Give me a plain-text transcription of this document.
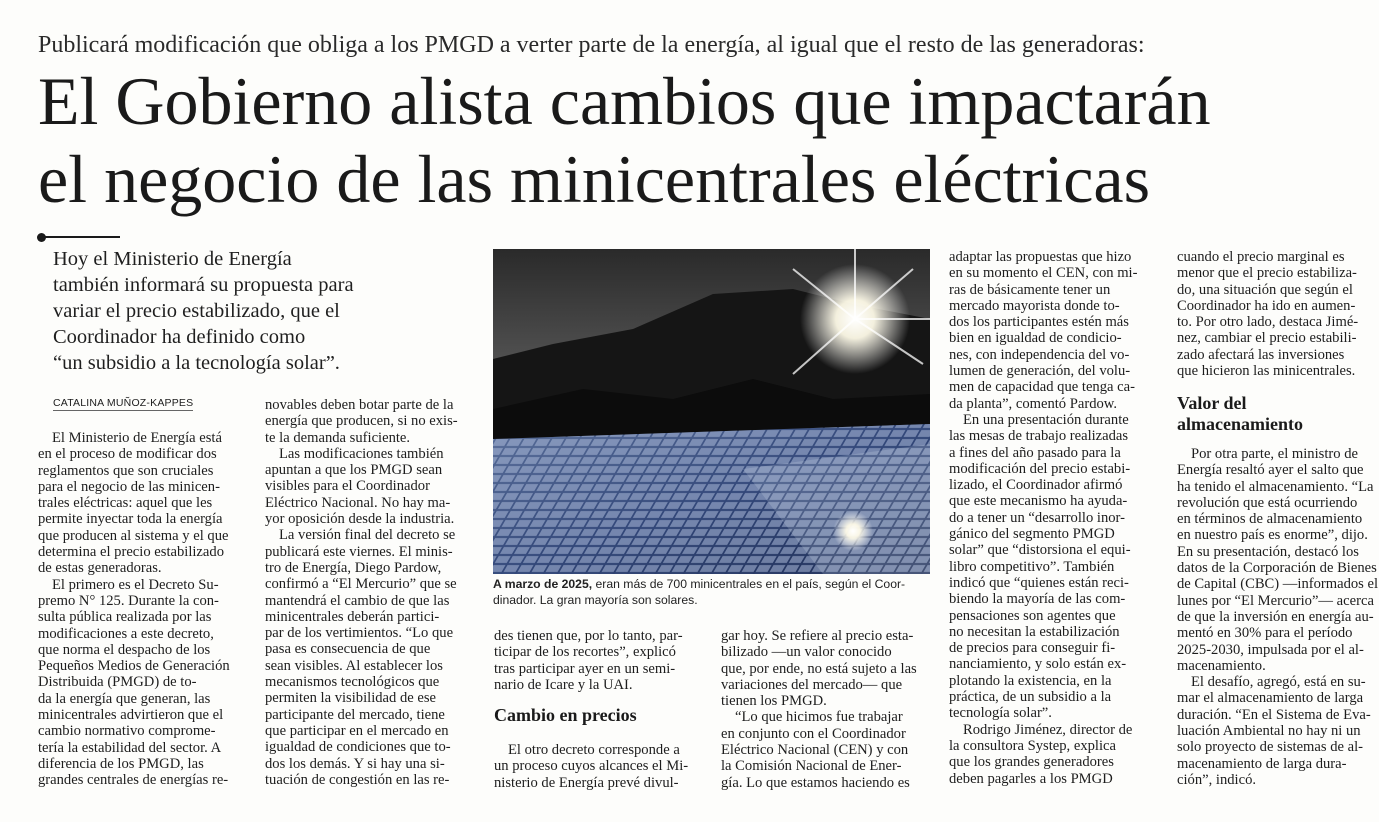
Publicará modificación que obliga a los PMGD a verter parte de la energía, al igual que el resto de las generadoras:
El Gobierno alista cambios que impactarán
el negocio de las minicentrales eléctricas
Hoy el Ministerio de Energía
también informará su propuesta para
variar el precio estabilizado, que el
Coordinador ha definido como
“un subsidio a la tecnología solar”.
CATALINA MUÑOZ-KAPPES
El Ministerio de Energía está
en el proceso de modificar dos
reglamentos que son cruciales
para el negocio de las minicen-
trales eléctricas: aquel que les
permite inyectar toda la energía
que producen al sistema y el que
determina el precio estabilizado
de estas generadoras.
El primero es el Decreto Su-
premo N° 125. Durante la con-
sulta pública realizada por las
modificaciones a este decreto,
que norma el despacho de los
Pequeños Medios de Generación
Distribuida (PMGD) de to-
da la energía que generan, las
minicentrales advirtieron que el
cambio normativo comprome-
tería la estabilidad del sector. A
diferencia de los PMGD, las
grandes centrales de energías re-
novables deben botar parte de la
energía que producen, si no exis-
te la demanda suficiente.
Las modificaciones también
apuntan a que los PMGD sean
visibles para el Coordinador
Eléctrico Nacional. No hay ma-
yor oposición desde la industria.
La versión final del decreto se
publicará este viernes. El minis-
tro de Energía, Diego Pardow,
confirmó a “El Mercurio” que se
mantendrá el cambio de que las
minicentrales deberán partici-
par de los vertimientos. “Lo que
pasa es consecuencia de que
sean visibles. Al establecer los
mecanismos tecnológicos que
permiten la visibilidad de ese
participante del mercado, tiene
que participar en el mercado en
igualdad de condiciones que to-
dos los demás. Y si hay una si-
tuación de congestión en las re-
A marzo de 2025, eran más de 700 minicentrales en el país, según el Coor-
dinador. La gran mayoría son solares.
des tienen que, por lo tanto, par-
ticipar de los recortes”, explicó
tras participar ayer en un semi-
nario de Icare y la UAI.
Cambio en precios
El otro decreto corresponde a
un proceso cuyos alcances el Mi-
nisterio de Energía prevé divul-
gar hoy. Se refiere al precio esta-
bilizado —un valor conocido
que, por ende, no está sujeto a las
variaciones del mercado— que
tienen los PMGD.
“Lo que hicimos fue trabajar
en conjunto con el Coordinador
Eléctrico Nacional (CEN) y con
la Comisión Nacional de Ener-
gía. Lo que estamos haciendo es
adaptar las propuestas que hizo
en su momento el CEN, con mi-
ras de básicamente tener un
mercado mayorista donde to-
dos los participantes estén más
bien en igualdad de condicio-
nes, con independencia del vo-
lumen de generación, del volu-
men de capacidad que tenga ca-
da planta”, comentó Pardow.
En una presentación durante
las mesas de trabajo realizadas
a fines del año pasado para la
modificación del precio estabi-
lizado, el Coordinador afirmó
que este mecanismo ha ayuda-
do a tener un “desarrollo inor-
gánico del segmento PMGD
solar” que “distorsiona el equi-
libro competitivo”. También
indicó que “quienes están reci-
biendo la mayoría de las com-
pensaciones son agentes que
no necesitan la estabilización
de precios para conseguir fi-
nanciamiento, y solo están ex-
plotando la existencia, en la
práctica, de un subsidio a la
tecnología solar”.
Rodrigo Jiménez, director de
la consultora Systep, explica
que los grandes generadores
deben pagarles a los PMGD
cuando el precio marginal es
menor que el precio estabiliza-
do, una situación que según el
Coordinador ha ido en aumen-
to. Por otro lado, destaca Jimé-
nez, cambiar el precio estabili-
zado afectará las inversiones
que hicieron las minicentrales.
Valor del
almacenamiento
Por otra parte, el ministro de
Energía resaltó ayer el salto que
ha tenido el almacenamiento. “La
revolución que está ocurriendo
en términos de almacenamiento
en nuestro país es enorme”, dijo.
En su presentación, destacó los
datos de la Corporación de Bienes
de Capital (CBC) —informados el
lunes por “El Mercurio”— acerca
de que la inversión en energía au-
mentó en 30% para el período
2025-2030, impulsada por el al-
macenamiento.
El desafío, agregó, está en su-
mar el almacenamiento de larga
duración. “En el Sistema de Eva-
luación Ambiental no hay ni un
solo proyecto de sistemas de al-
macenamiento de larga dura-
ción”, indicó.
